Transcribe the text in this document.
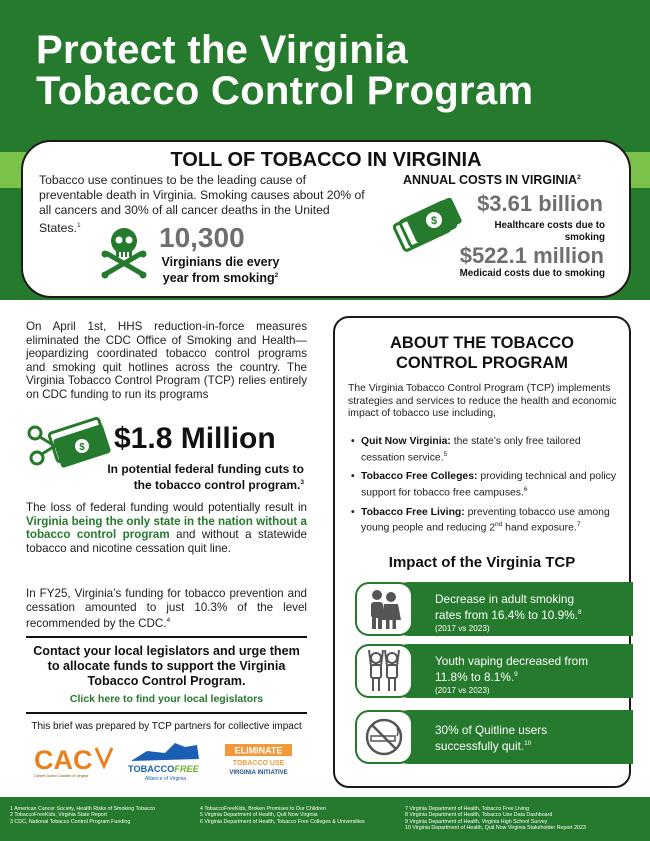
Protect the Virginia
Tobacco Control Program
TOLL OF TOBACCO IN VIRGINIA
Tobacco use continues to be the leading cause of preventable death in Virginia. Smoking causes about 20% of all cancers and 30% of all cancer deaths in the United States.$^1$	10,300
Virginians die every
year from smoking$^2$
ANNUAL COSTS IN VIRGINIA$^2$
$
$3.61 billion
Healthcare costs due to smoking
$522.1 million
Medicaid costs due to smoking

On April 1st, HHS reduction-in-force measures eliminated the CDC Office of Smoking and Health—jeopardizing coordinated tobacco control programs and smoking quit hotlines across the country. The Virginia Tobacco Control Program (TCP) relies entirely on CDC funding to run its programs

$ $1.8 Million
In potential federal funding cuts to
the tobacco control program.$^3$

The loss of federal funding would potentially result in Virginia being the only state in the nation without a tobacco control program and without a statewide tobacco and nicotine cessation quit line.

In FY25, Virginia’s funding for tobacco prevention and cessation amounted to just 10.3% of the level recommended by the CDC.$^4$

Contact your local legislators and urge them to allocate funds to support the Virginia Tobacco Control Program.
Click here to find your local legislators
This brief was prepared by TCP partners for collective impact
CAC
Cancer Action Coalition of Virginia
TOBACCOFREE
Alliance of Virginia
ELIMINATE
TOBACCO USE
VIRGINIA INITIATIVE
ABOUT THE TOBACCO
CONTROL PROGRAM
The Virginia Tobacco Control Program (TCP) implements strategies and services to reduce the health and economic impact of tobacco use including,
• Quit Now Virginia: the state’s only free tailored cessation service.$^5$
• Tobacco Free Colleges: providing technical and policy support for tobacco free campuses.$^6$
• Tobacco Free Living: preventing tobacco use among young people and reducing 2nd hand exposure.$^7$
Impact of the Virginia TCP
Decrease in adult smoking
rates from 16.4% to 10.9%.$^8$
(2017 vs 2023)
Youth vaping decreased from
11.8% to 8.1%.$^9$
(2017 vs 2023)
30% of Quitline users
successfully quit.$^{10}$
1 American Cancer Society, Health Risks of Smoking Tobacco
2 TobaccoFreeKids, Virginia State Report
3 CDC, National Tobacco Control Program Funding
4 TobaccoFreeKids, Broken Promises to Our Children
5 Virginia Department of Health, Quit Now Virginia
6 Virginia Department of Health, Tobacco Free Colleges & Universities
7 Virginia Department of Health, Tobacco Free Living
8 Virginia Department of Health, Tobacco Use Data Dashboard
9 Virginia Department of Health, Virginia High School Survey
10 Virginia Department of Health, Quit Now Virginia Stakeholder Report 2023
